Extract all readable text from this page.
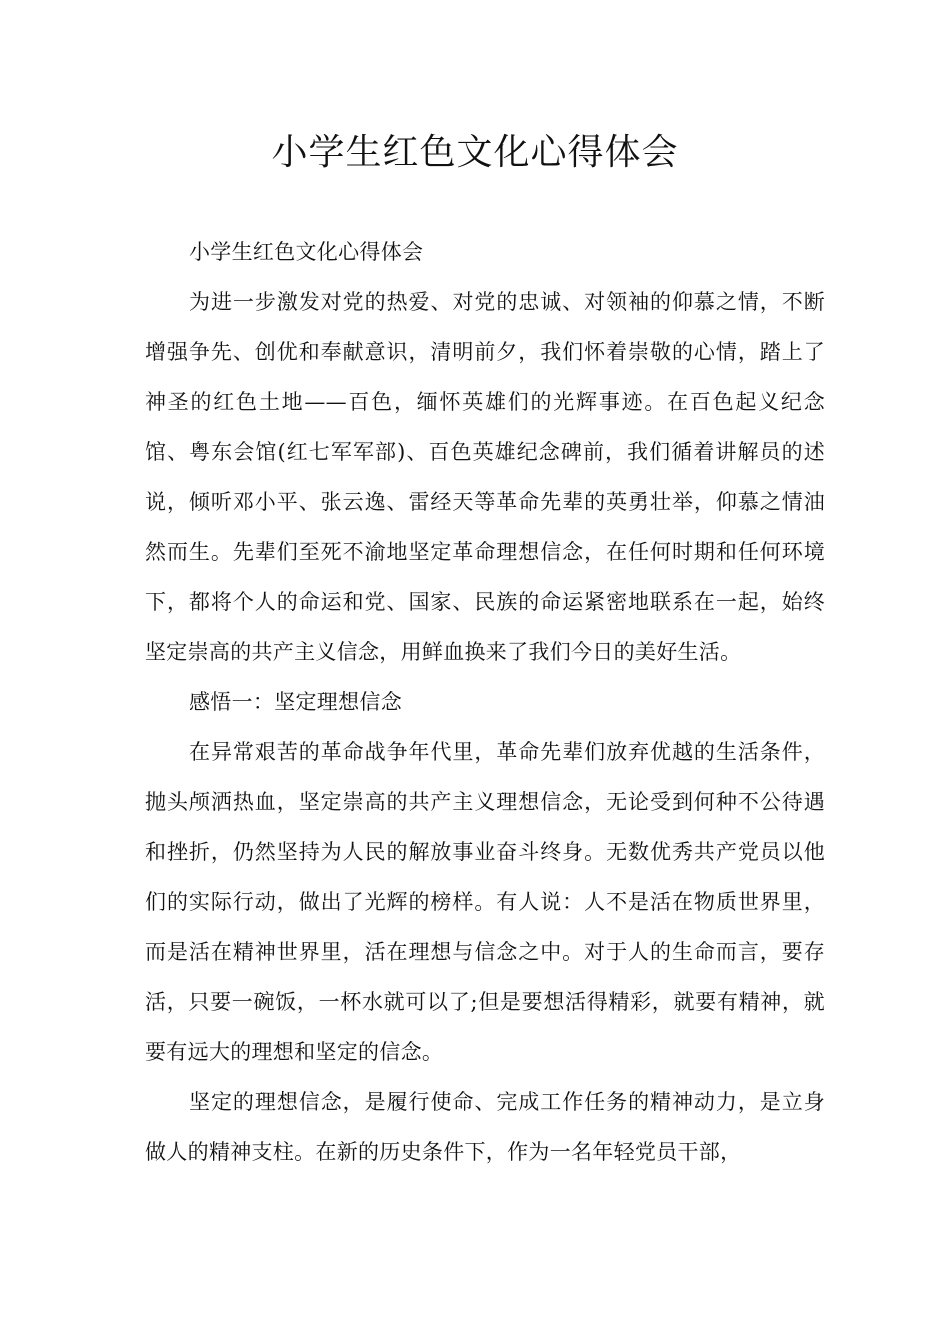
小学生红色文化心得体会

小学生红色文化心得体会

为进一步激发对党的热爱、对党的忠诚、对领袖的仰慕之情，不断增强争先、创优和奉献意识，清明前夕，我们怀着崇敬的心情，踏上了神圣的红色土地——百色，缅怀英雄们的光辉事迹。在百色起义纪念馆、粤东会馆(红七军军部)、百色英雄纪念碑前，我们循着讲解员的述说，倾听邓小平、张云逸、雷经天等革命先辈的英勇壮举，仰慕之情油然而生。先辈们至死不渝地坚定革命理想信念，在任何时期和任何环境下，都将个人的命运和党、国家、民族的命运紧密地联系在一起，始终坚定崇高的共产主义信念，用鲜血换来了我们今日的美好生活。

感悟一：坚定理想信念

在异常艰苦的革命战争年代里，革命先辈们放弃优越的生活条件，抛头颅洒热血，坚定崇高的共产主义理想信念，无论受到何种不公待遇和挫折，仍然坚持为人民的解放事业奋斗终身。无数优秀共产党员以他们的实际行动，做出了光辉的榜样。有人说：人不是活在物质世界里，而是活在精神世界里，活在理想与信念之中。对于人的生命而言，要存活，只要一碗饭，一杯水就可以了;但是要想活得精彩，就要有精神，就要有远大的理想和坚定的信念。

坚定的理想信念，是履行使命、完成工作任务的精神动力，是立身做人的精神支柱。在新的历史条件下，作为一名年轻党员干部，
